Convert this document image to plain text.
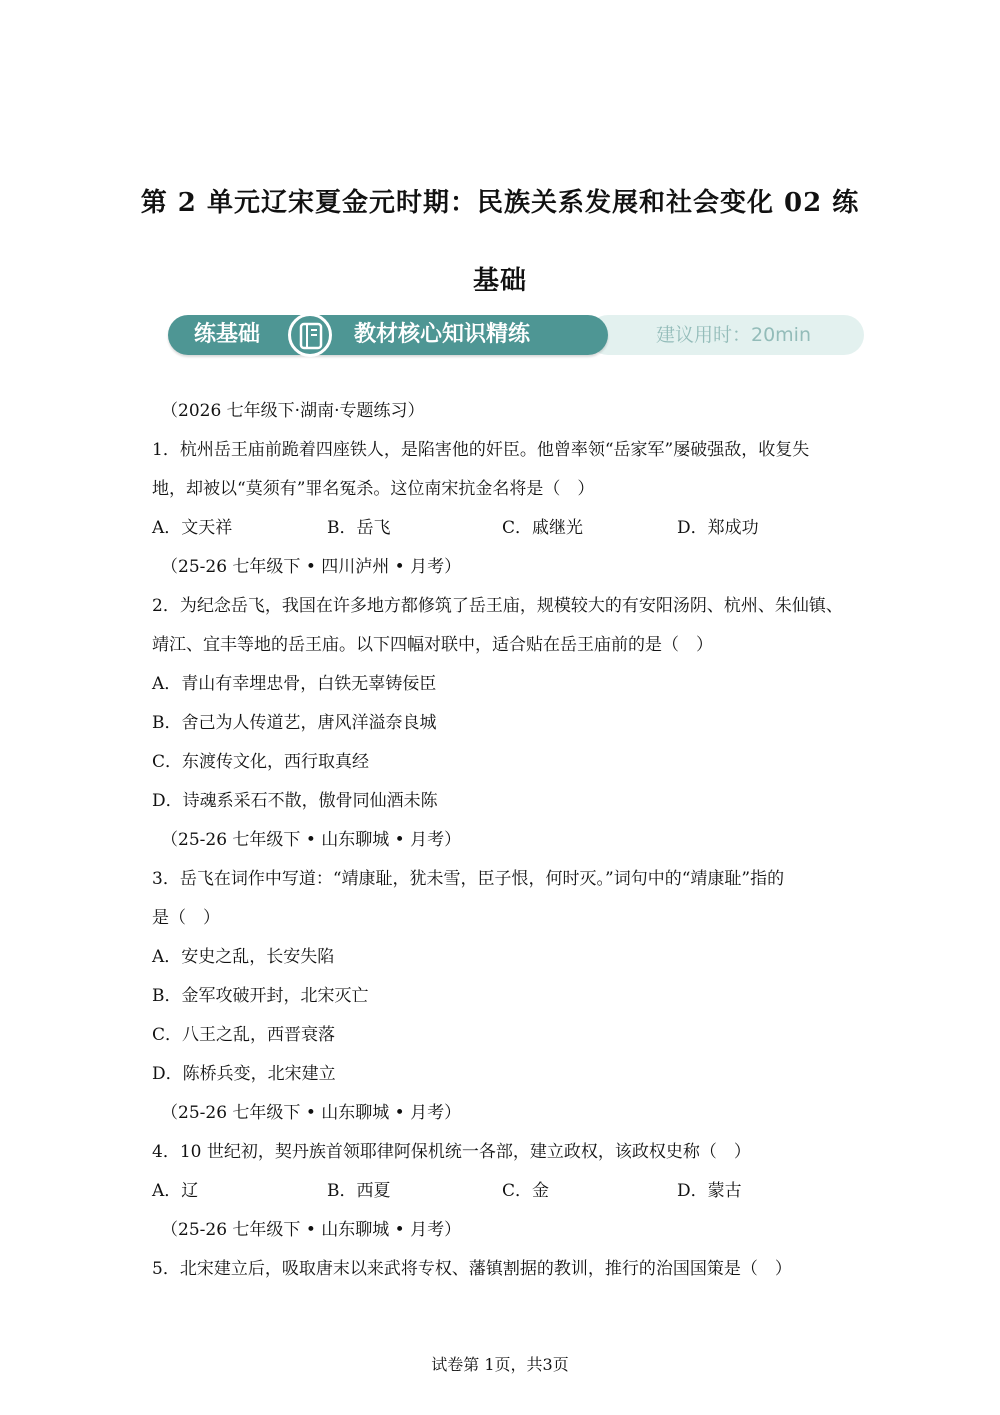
第 2 单元辽宋夏金元时期：民族关系发展和社会变化 02 练
基础
练基础	教材核心知识精练	建议用时：20min
（2026 七年级下·湖南·专题练习）
1．杭州岳王庙前跪着四座铁人，是陷害他的奸臣。他曾率领“岳家军”屡破强敌，收复失
地，却被以“莫须有”罪名冤杀。这位南宋抗金名将是（　）
A．文天祥	B．岳飞	C．戚继光	D．郑成功
（25-26 七年级下 • 四川泸州 • 月考）
2．为纪念岳飞，我国在许多地方都修筑了岳王庙，规模较大的有安阳汤阴、杭州、朱仙镇、
靖江、宜丰等地的岳王庙。以下四幅对联中，适合贴在岳王庙前的是（　）
A．青山有幸埋忠骨，白铁无辜铸佞臣
B．舍己为人传道艺，唐风洋溢奈良城
C．东渡传文化，西行取真经
D．诗魂系采石不散，傲骨同仙酒未陈
（25-26 七年级下 • 山东聊城 • 月考）
3．岳飞在词作中写道：“靖康耻，犹未雪，臣子恨，何时灭。”词句中的“靖康耻”指的
是（　）
A．安史之乱，长安失陷
B．金军攻破开封，北宋灭亡
C．八王之乱，西晋衰落
D．陈桥兵变，北宋建立
（25-26 七年级下 • 山东聊城 • 月考）
4．10 世纪初，契丹族首领耶律阿保机统一各部，建立政权，该政权史称（　）
A．辽	B．西夏	C．金	D．蒙古
（25-26 七年级下 • 山东聊城 • 月考）
5．北宋建立后，吸取唐末以来武将专权、藩镇割据的教训，推行的治国国策是（　）
试卷第 1页，共3页
